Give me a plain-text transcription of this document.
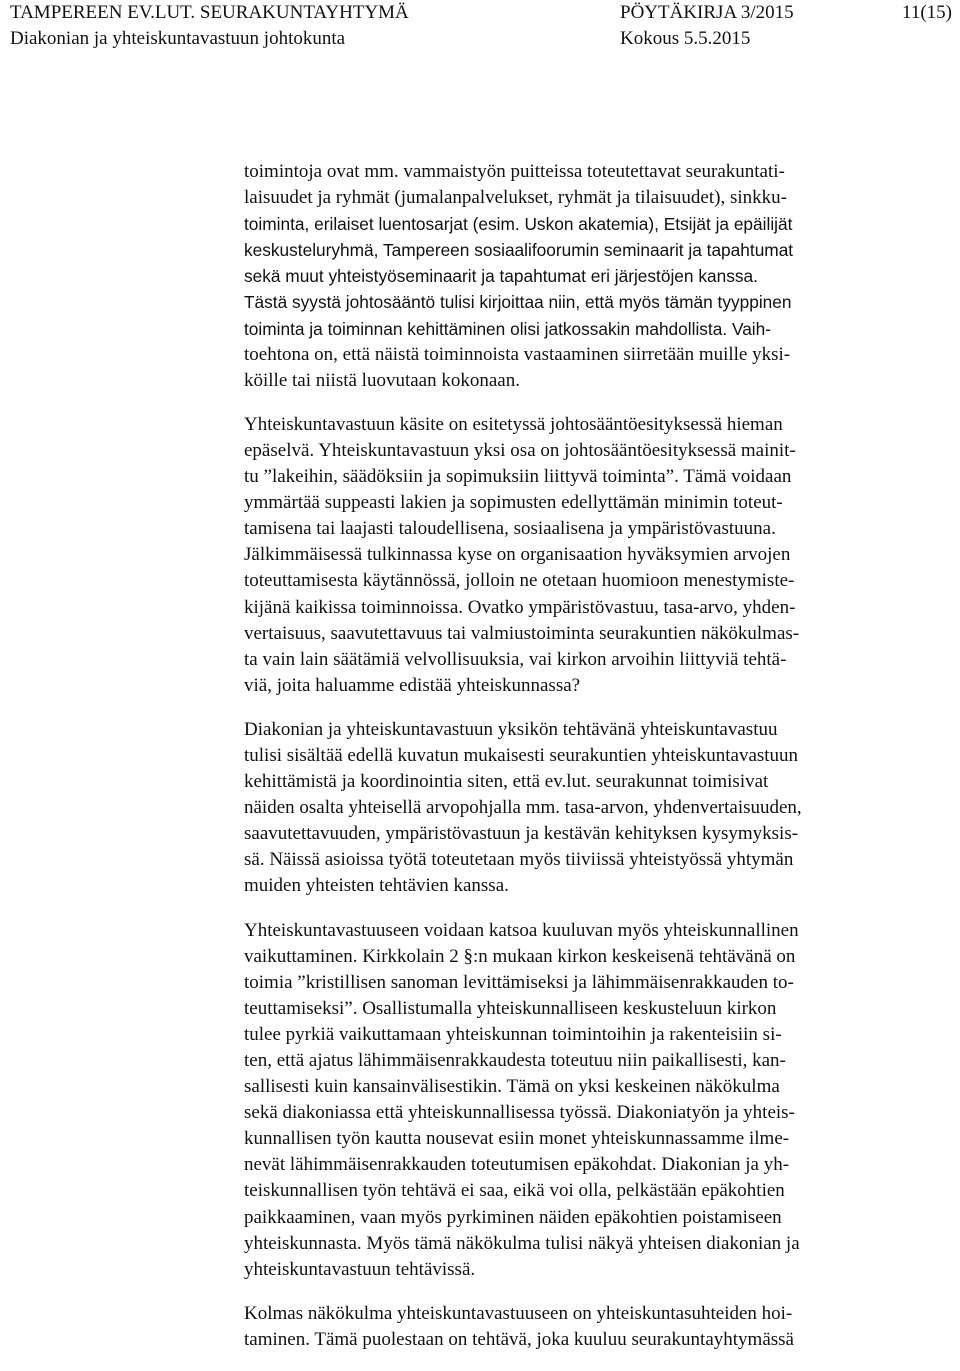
TAMPEREEN EV.LUT. SEURAKUNTAYHTYMÄ	PÖYTÄKIRJA 3/2015	11(15)
Diakonian ja yhteiskuntavastuun johtokunta	Kokous 5.5.2015
toimintoja ovat mm. vammaistyön puitteissa toteutettavat seurakuntati-
laisuudet ja ryhmät (jumalanpalvelukset, ryhmät ja tilaisuudet), sinkku-
toiminta, erilaiset luentosarjat (esim. Uskon akatemia), Etsijät ja epäilijät
keskusteluryhmä, Tampereen sosiaalifoorumin seminaarit ja tapahtumat
sekä muut yhteistyöseminaarit ja tapahtumat eri järjestöjen kanssa.
Tästä syystä johtosääntö tulisi kirjoittaa niin, että myös tämän tyyppinen
toiminta ja toiminnan kehittäminen olisi jatkossakin mahdollista. Vaih-
toehtona on, että näistä toiminnoista vastaaminen siirretään muille yksi-
köille tai niistä luovutaan kokonaan.
Yhteiskuntavastuun käsite on esitetyssä johtosääntöesityksessä hieman
epäselvä. Yhteiskuntavastuun yksi osa on johtosääntöesityksessä mainit-
tu ”lakeihin, säädöksiin ja sopimuksiin liittyvä toiminta”. Tämä voidaan
ymmärtää suppeasti lakien ja sopimusten edellyttämän minimin toteut-
tamisena tai laajasti taloudellisena, sosiaalisena ja ympäristövastuuna.
Jälkimmäisessä tulkinnassa kyse on organisaation hyväksymien arvojen
toteuttamisesta käytännössä, jolloin ne otetaan huomioon menestymiste-
kijänä kaikissa toiminnoissa. Ovatko ympäristövastuu, tasa-arvo, yhden-
vertaisuus, saavutettavuus tai valmiustoiminta seurakuntien näkökulmas-
ta vain lain säätämiä velvollisuuksia, vai kirkon arvoihin liittyviä tehtä-
viä, joita haluamme edistää yhteiskunnassa?
Diakonian ja yhteiskuntavastuun yksikön tehtävänä yhteiskuntavastuu
tulisi sisältää edellä kuvatun mukaisesti seurakuntien yhteiskuntavastuun
kehittämistä ja koordinointia siten, että ev.lut. seurakunnat toimisivat
näiden osalta yhteisellä arvopohjalla mm. tasa-arvon, yhdenvertaisuuden,
saavutettavuuden, ympäristövastuun ja kestävän kehityksen kysymyksis-
sä. Näissä asioissa työtä toteutetaan myös tiiviissä yhteistyössä yhtymän
muiden yhteisten tehtävien kanssa.
Yhteiskuntavastuuseen voidaan katsoa kuuluvan myös yhteiskunnallinen
vaikuttaminen. Kirkkolain 2 §:n mukaan kirkon keskeisenä tehtävänä on
toimia ”kristillisen sanoman levittämiseksi ja lähimmäisenrakkauden to-
teuttamiseksi”. Osallistumalla yhteiskunnalliseen keskusteluun kirkon
tulee pyrkiä vaikuttamaan yhteiskunnan toimintoihin ja rakenteisiin si-
ten, että ajatus lähimmäisenrakkaudesta toteutuu niin paikallisesti, kan-
sallisesti kuin kansainvälisestikin. Tämä on yksi keskeinen näkökulma
sekä diakoniassa että yhteiskunnallisessa työssä. Diakoniatyön ja yhteis-
kunnallisen työn kautta nousevat esiin monet yhteiskunnassamme ilme-
nevät lähimmäisenrakkauden toteutumisen epäkohdat. Diakonian ja yh-
teiskunnallisen työn tehtävä ei saa, eikä voi olla, pelkästään epäkohtien
paikkaaminen, vaan myös pyrkiminen näiden epäkohtien poistamiseen
yhteiskunnasta. Myös tämä näkökulma tulisi näkyä yhteisen diakonian ja
yhteiskuntavastuun tehtävissä.
Kolmas näkökulma yhteiskuntavastuuseen on yhteiskuntasuhteiden hoi-
taminen. Tämä puolestaan on tehtävä, joka kuuluu seurakuntayhtymässä
